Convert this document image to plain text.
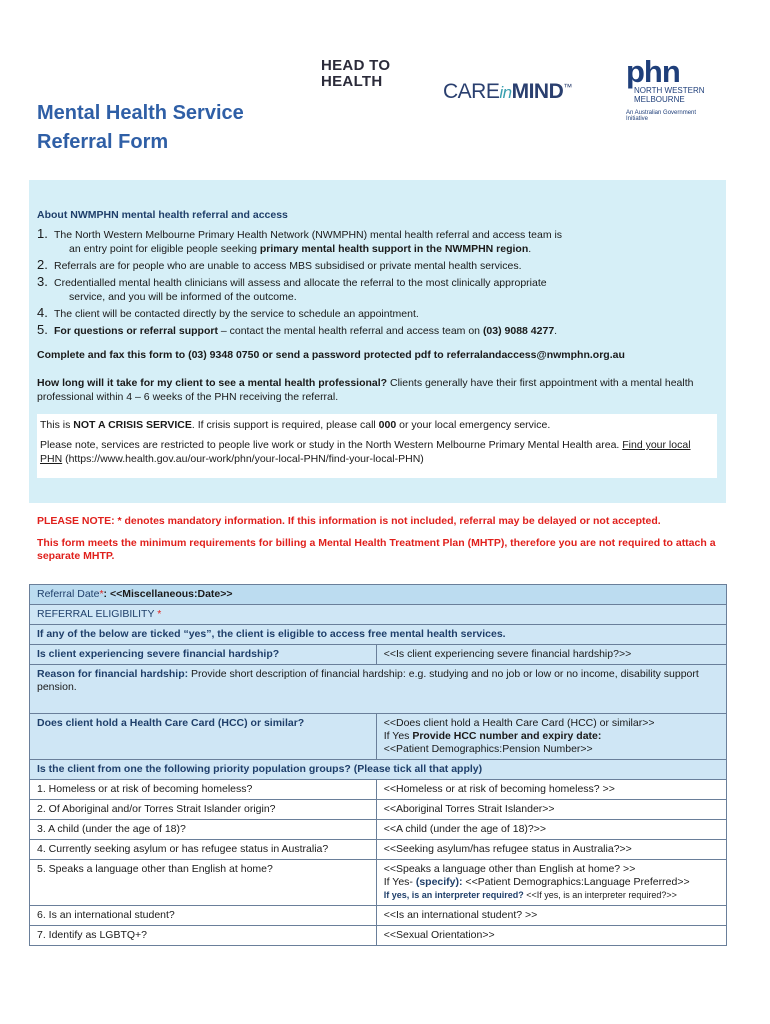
HEAD TO
HEALTH	CAREinMIND™ phn
NORTH WESTERN
MELBOURNE
An Australian Government Initiative
Mental Health Service
Referral Form
About NWMPHN mental health referral and access
1. The North Western Melbourne Primary Health Network (NWMPHN) mental health referral and access team is
an entry point for eligible people seeking primary mental health support in the NWMPHN region.
2. Referrals are for people who are unable to access MBS subsidised or private mental health services.
3. Credentialled mental health clinicians will assess and allocate the referral to the most clinically appropriate
service, and you will be informed of the outcome.
4. The client will be contacted directly by the service to schedule an appointment.
5. For questions or referral support – contact the mental health referral and access team on (03) 9088 4277.
Complete and fax this form to (03) 9348 0750 or send a password protected pdf to referralandaccess@nwmphn.org.au
How long will it take for my client to see a mental health professional? Clients generally have their first appointment with a mental health professional within 4 – 6 weeks of the PHN receiving the referral.

This is NOT A CRISIS SERVICE. If crisis support is required, please call 000 or your local emergency service.

Please note, services are restricted to people live work or study in the North Western Melbourne Primary Mental Health area. Find your local PHN (https://www.health.gov.au/our-work/phn/your-local-PHN/find-your-local-PHN)

PLEASE NOTE: * denotes mandatory information. If this information is not included, referral may be delayed or not accepted.

This form meets the minimum requirements for billing a Mental Health Treatment Plan (MHTP), therefore you are not required to attach a separate MHTP.

Referral Date*: <<Miscellaneous:Date>>	
REFERRAL ELIGIBILITY *	
If any of the below are ticked “yes”, the client is eligible to access free mental health services.	
Is client experiencing severe financial hardship?	<<Is client experiencing severe financial hardship?>>
Reason for financial hardship: Provide short description of financial hardship: e.g. studying and no job or low or no income, disability support pension.	
Does client hold a Health Care Card (HCC) or similar?	<<Does client hold a Health Care Card (HCC) or similar>>
If Yes Provide HCC number and expiry date:
<<Patient Demographics:Pension Number>>

Is the client from one the following priority population groups? (Please tick all that apply)	
1. Homeless or at risk of becoming homeless?	<<Homeless or at risk of becoming homeless? >>
2. Of Aboriginal and/or Torres Strait Islander origin?	<<Aboriginal Torres Strait Islander>>
3. A child (under the age of 18)?	<<A child (under the age of 18)?>>
4. Currently seeking asylum or has refugee status in Australia?	<<Seeking asylum/has refugee status in Australia?>>
5. Speaks a language other than English at home?	<<Speaks a language other than English at home? >>
If Yes- (specify): <<Patient Demographics:Language Preferred>>
If yes, is an interpreter required? <<If yes, is an interpreter required?>>

6. Is an international student?	<<Is an international student? >>
7. Identify as LGBTQ+?	<<Sexual Orientation>>
